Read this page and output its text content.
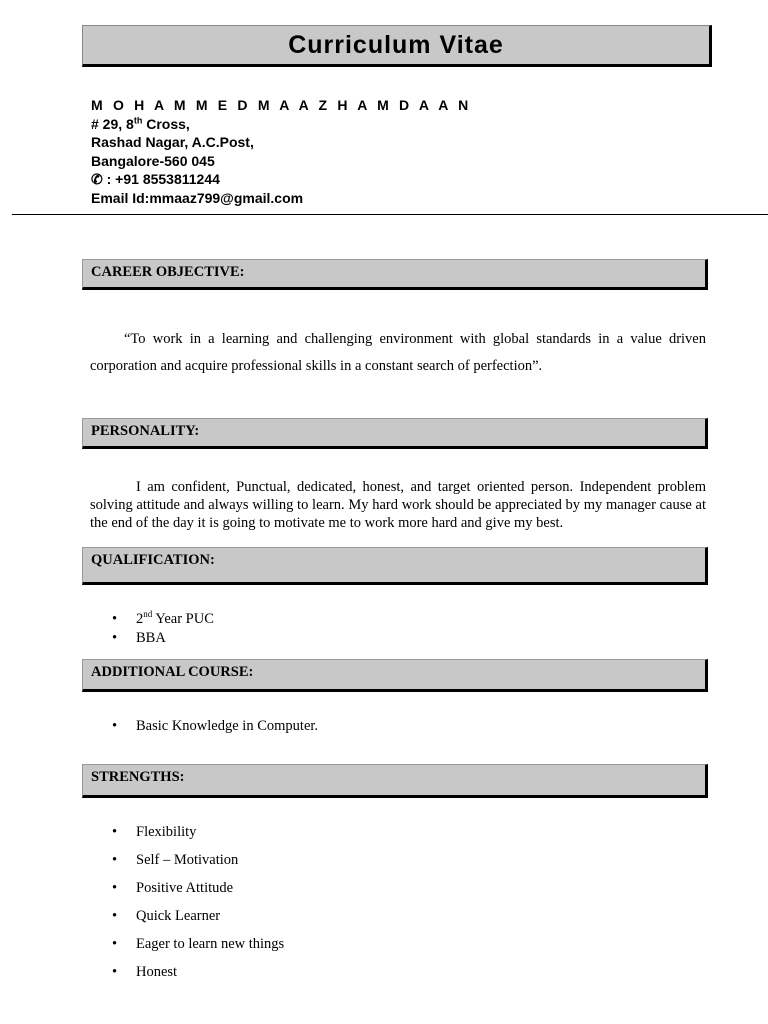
Curriculum Vitae
M O H A M M E D M A A Z H A M D A A N
# 29, 8th Cross,
Rashad Nagar, A.C.Post,
Bangalore-560 045
✆ : +91 8553811244
Email Id:mmaaz799@gmail.com
CAREER OBJECTIVE:
“To work in a learning and challenging environment with global standards in a value driven corporation and acquire professional skills in a constant search of perfection”.
PERSONALITY:
I am confident, Punctual, dedicated, honest, and target oriented person. Independent problem solving attitude and always willing to learn. My hard work should be appreciated by my manager cause at the end of the day it is going to motivate me to work more hard and give my best.
QUALIFICATION:
• 2nd Year PUC
• BBA
ADDITIONAL COURSE:
• Basic Knowledge in Computer.
STRENGTHS:
• Flexibility
• Self – Motivation
• Positive Attitude
• Quick Learner
• Eager to learn new things
• Honest
